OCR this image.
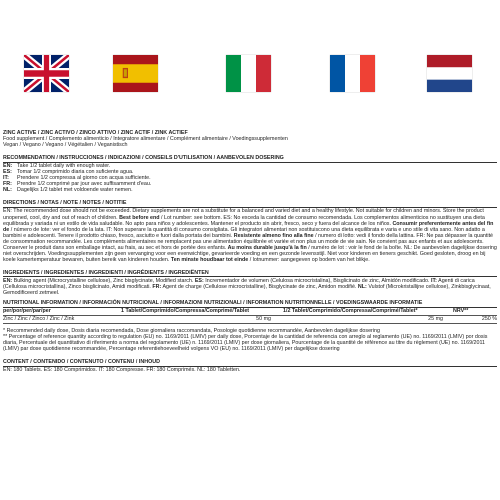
ZINC ACTIVE / ZINC ACTIVO / ZINCO ATTIVO / ZINC ACTIF / ZINK ACTIEF

Food supplement / Complemento alimenticio / Integratore alimentare / Complément alimentaire / Voedingssupplementen

Vegan / Vegano / Vegano / Végétalien / Veganistisch

RECOMMENDATION / INSTRUCCIONES / INDICAZIONI / CONSEILS D'UTILISATION / AANBEVOLEN DOSERING

EN: Take 1/2 tablet daily with enough water.
ES: Tomar 1/2 comprimido diaria con suficiente agua.
IT:	Prendere 1/2 compressa al giorno con acqua sufficiente.
FR: Prendre 1/2 comprimé par jour avec suffisamment d'eau.
NL: Dagelijks 1/2 tablet met voldoende water nemen.

DIRECTIONS / NOTAS / NOTE / NOTES / NOTITIE

EN: The recommended dose should not be exceeded. Dietary supplements are not a substitute for a balanced and varied diet and a healthy lifestyle. Not suitable for children and minors. Store the product unopened, cool, dry and out of reach of children. Best before end / Lot number: see bottom. ES: No exceda la cantidad de consumo recomendada. Los complementos alimenticios no sustituyen una dieta equilibrada y variada ni un estilo de vida saludable. No apto para niños y adolescentes. Mantener el producto sin abrir, fresco, seco y fuera del alcance de los niños. Consumir preferentemente antes del fin de / número de lote: ver el fondo de la lata. IT: Non superare la quantità di consumo consigliata. Gli integratori alimentari non sostituiscono una dieta equilibrata e varia e uno stile di vita sano. Non adatto a bambini e adolescenti. Tenere il prodotto chiaso, fresco, asciutto e fuori dalla portata dei bambini. Resistente almeno fino alla fine / numero di lotto: vedi il fondo della lattina. FR: Ne pas dépasser la quantité de consommation recommandée. Les compléments alimentaires ne remplacent pas une alimentation équilibrée et variée et non plus un mode de vie sain. Ne convient pas aux enfants et aux adolescents. Conserver le produit dans son emballage intact, au frais, au sec et hors de portée des enfants. Au moins durable jusqu'à la fin / numéro de lot : voir le fond de la boîte. NL: De aanbevolen dagelijkse dosering niet overschrijden. Voedingssupplementen zijn geen vervanging voor een evenwichtige, gevarieerde voeding en een gezonde levensstijl. Niet voor kinderen en tieners geschikt. Goed gesloten, droog en bij koele kamertemperatuur bewaren, buiten bereik van kinderen houden. Ten minste houdbaar tot einde / lotnummer: aangegeven op bodem van het blikje.

INGREDIENTS / INGREDIENTES / INGREDIENTI / INGRÉDIENTS / INGREDIËNTEN

EN: Bulking agent (Microcrystalline cellulose), Zinc bisglycinate, Modified starch. ES: Incrementador de volumen (Celulosa microcristalina), Bisglicinato de zinc, Almidón modificado. IT: Agenti di carica (Cellulosa microcristallina), Zinco bisglicinato, Amidi modificati. FR: Agent de charge (Cellulose microcristalline), Bisglycinate de zinc, Amidon modifié. NL: Vulstof (Microkristallijne cellulose), Zinkbisglycinaat, Gemodificeerd zetmeel.

NUTRITIONAL INFORMATION / INFORMACIÓN NUTRICIONAL / INFORMAZIONI NUTRIZIONALI / INFORMATION NUTRITIONNELLE / VOEDINGSWAARDE INFORMATIE

per/por/per/par/per	1 Tablet/Comprimido/Compressa/Comprimé/Tablet	1/2 Tablet/Comprimido/Compressa/Comprimé/Tablet*	NRV**
Zinc / Zinc / Zinco / Zinc / Zink	50 mg	25 mg	250 %

* Recommended daily dose, Dosis diaria recomendada, Dose giornaliera raccomandata, Posologie quotidienne recommandée, Aanbevolen dagelijkse dosering

** Percentage of reference quantity according to regulation (EU) no. 1169/2011 (LMIV) per daily dose, Porcentaje de la cantidad de referencia con arreglo al reglamento (UE) no. 1169/2011 (LMIV) por dosis diaria, Percentuale del quantitativo di riferimento a norma del regolamento (UE) n. 1169/2011 (LMIV) per dose giornaliera, Pourcentage de la quantité de référence au titre du règlement (UE) no. 1169/2011 (LMIV) par dose quotidienne recommandée, Percentage referentiehoeveelheid volgens VO (EU) no. 1169/2011 (LMIV) per dagelijkse dosering

CONTENT / CONTENIDO / CONTENUTO / CONTENU / INHOUD

EN: 180 Tablets. ES: 180 Comprimidos. IT: 180 Compresse. FR: 180 Comprimés. NL: 180 Tabletten.
